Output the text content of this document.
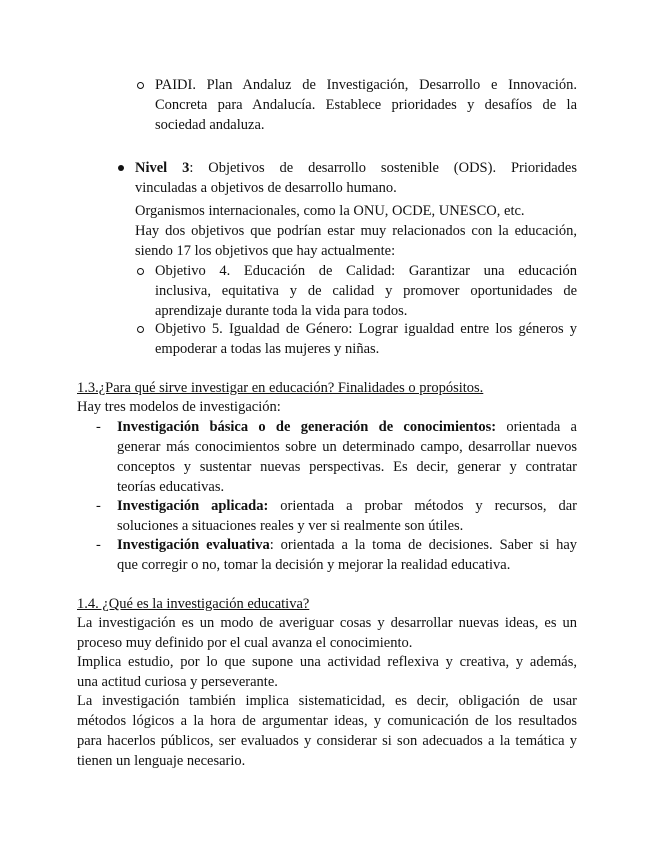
PAIDI. Plan Andaluz de Investigación, Desarrollo e Innovación.
Concreta para Andalucía. Establece prioridades y desafíos de la
sociedad andaluza.
Nivel 3: Objetivos de desarrollo sostenible (ODS). Prioridades
vinculadas a objetivos de desarrollo humano.
Organismos internacionales, como la ONU, OCDE, UNESCO, etc.
Hay dos objetivos que podrían estar muy relacionados con la educación,
siendo 17 los objetivos que hay actualmente:
Objetivo 4. Educación de Calidad: Garantizar una educación
inclusiva, equitativa y de calidad y promover oportunidades de
aprendizaje durante toda la vida para todos.
Objetivo 5. Igualdad de Género: Lograr igualdad entre los géneros y
empoderar a todas las mujeres y niñas.
1.3.¿Para qué sirve investigar en educación? Finalidades o propósitos.
Hay tres modelos de investigación:
- Investigación básica o de generación de conocimientos: orientada a
generar más conocimientos sobre un determinado campo, desarrollar nuevos
conceptos y sustentar nuevas perspectivas. Es decir, generar y contratar
teorías educativas.
- Investigación aplicada: orientada a probar métodos y recursos, dar
soluciones a situaciones reales y ver si realmente son útiles.
- Investigación evaluativa: orientada a la toma de decisiones. Saber si hay
que corregir o no, tomar la decisión y mejorar la realidad educativa.
1.4. ¿Qué es la investigación educativa?
La investigación es un modo de averiguar cosas y desarrollar nuevas ideas, es un
proceso muy definido por el cual avanza el conocimiento.
Implica estudio, por lo que supone una actividad reflexiva y creativa, y además,
una actitud curiosa y perseverante.
La investigación también implica sistematicidad, es decir, obligación de usar
métodos lógicos a la hora de argumentar ideas, y comunicación de los resultados
para hacerlos públicos, ser evaluados y considerar si son adecuados a la temática y
tienen un lenguaje necesario.
